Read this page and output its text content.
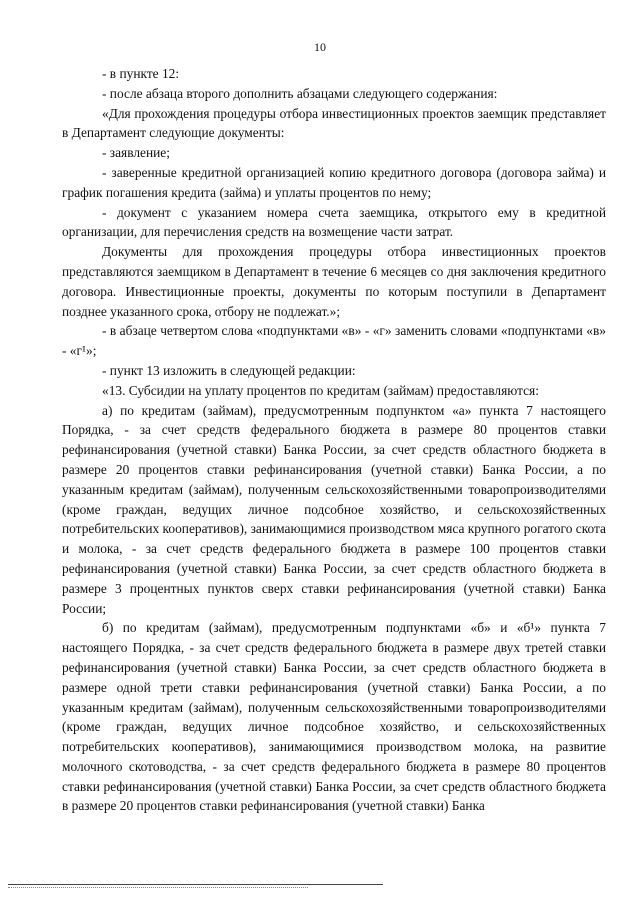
10

- в пункте 12:

- после абзаца второго дополнить абзацами следующего содержания:

«Для прохождения процедуры отбора инвестиционных проектов заемщик представляет в Департамент следующие документы:

- заявление;

- заверенные кредитной организацией копию кредитного договора (договора займа) и график погашения кредита (займа) и уплаты процентов по нему;

- документ с указанием номера счета заемщика, открытого ему в кредитной организации, для перечисления средств на возмещение части затрат.

Документы для прохождения процедуры отбора инвестиционных проектов представляются заемщиком в Департамент в течение 6 месяцев со дня заключения кредитного договора. Инвестиционные проекты, документы по которым поступили в Департамент позднее указанного срока, отбору не подлежат.»;

- в абзаце четвертом слова «подпунктами «в» - «г» заменить словами «подпунктами «в» - «г¹»;

- пункт 13 изложить в следующей редакции:

«13. Субсидии на уплату процентов по кредитам (займам) предоставляются:

а) по кредитам (займам), предусмотренным подпунктом «а» пункта 7 настоящего Порядка, - за счет средств федерального бюджета в размере 80 процентов ставки рефинансирования (учетной ставки) Банка России, за счет средств областного бюджета в размере 20 процентов ставки рефинансирования (учетной ставки) Банка России, а по указанным кредитам (займам), полученным сельскохозяйственными товаропроизводителями (кроме граждан, ведущих личное подсобное хозяйство, и сельскохозяйственных потребительских кооперативов), занимающимися производством мяса крупного рогатого скота и молока, - за счет средств федерального бюджета в размере 100 процентов ставки рефинансирования (учетной ставки) Банка России, за счет средств областного бюджета в размере 3 процентных пунктов сверх ставки рефинансирования (учетной ставки) Банка России;

б) по кредитам (займам), предусмотренным подпунктами «б» и «б¹» пункта 7 настоящего Порядка, - за счет средств федерального бюджета в размере двух третей ставки рефинансирования (учетной ставки) Банка России, за счет средств областного бюджета в размере одной трети ставки рефинансирования (учетной ставки) Банка России, а по указанным кредитам (займам), полученным сельскохозяйственными товаропроизводителями (кроме граждан, ведущих личное подсобное хозяйство, и сельскохозяйственных потребительских кооперативов), занимающимися производством молока, на развитие молочного скотоводства, - за счет средств федерального бюджета в размере 80 процентов ставки рефинансирования (учетной ставки) Банка России, за счет средств областного бюджета в размере 20 процентов ставки рефинансирования (учетной ставки) Банка
